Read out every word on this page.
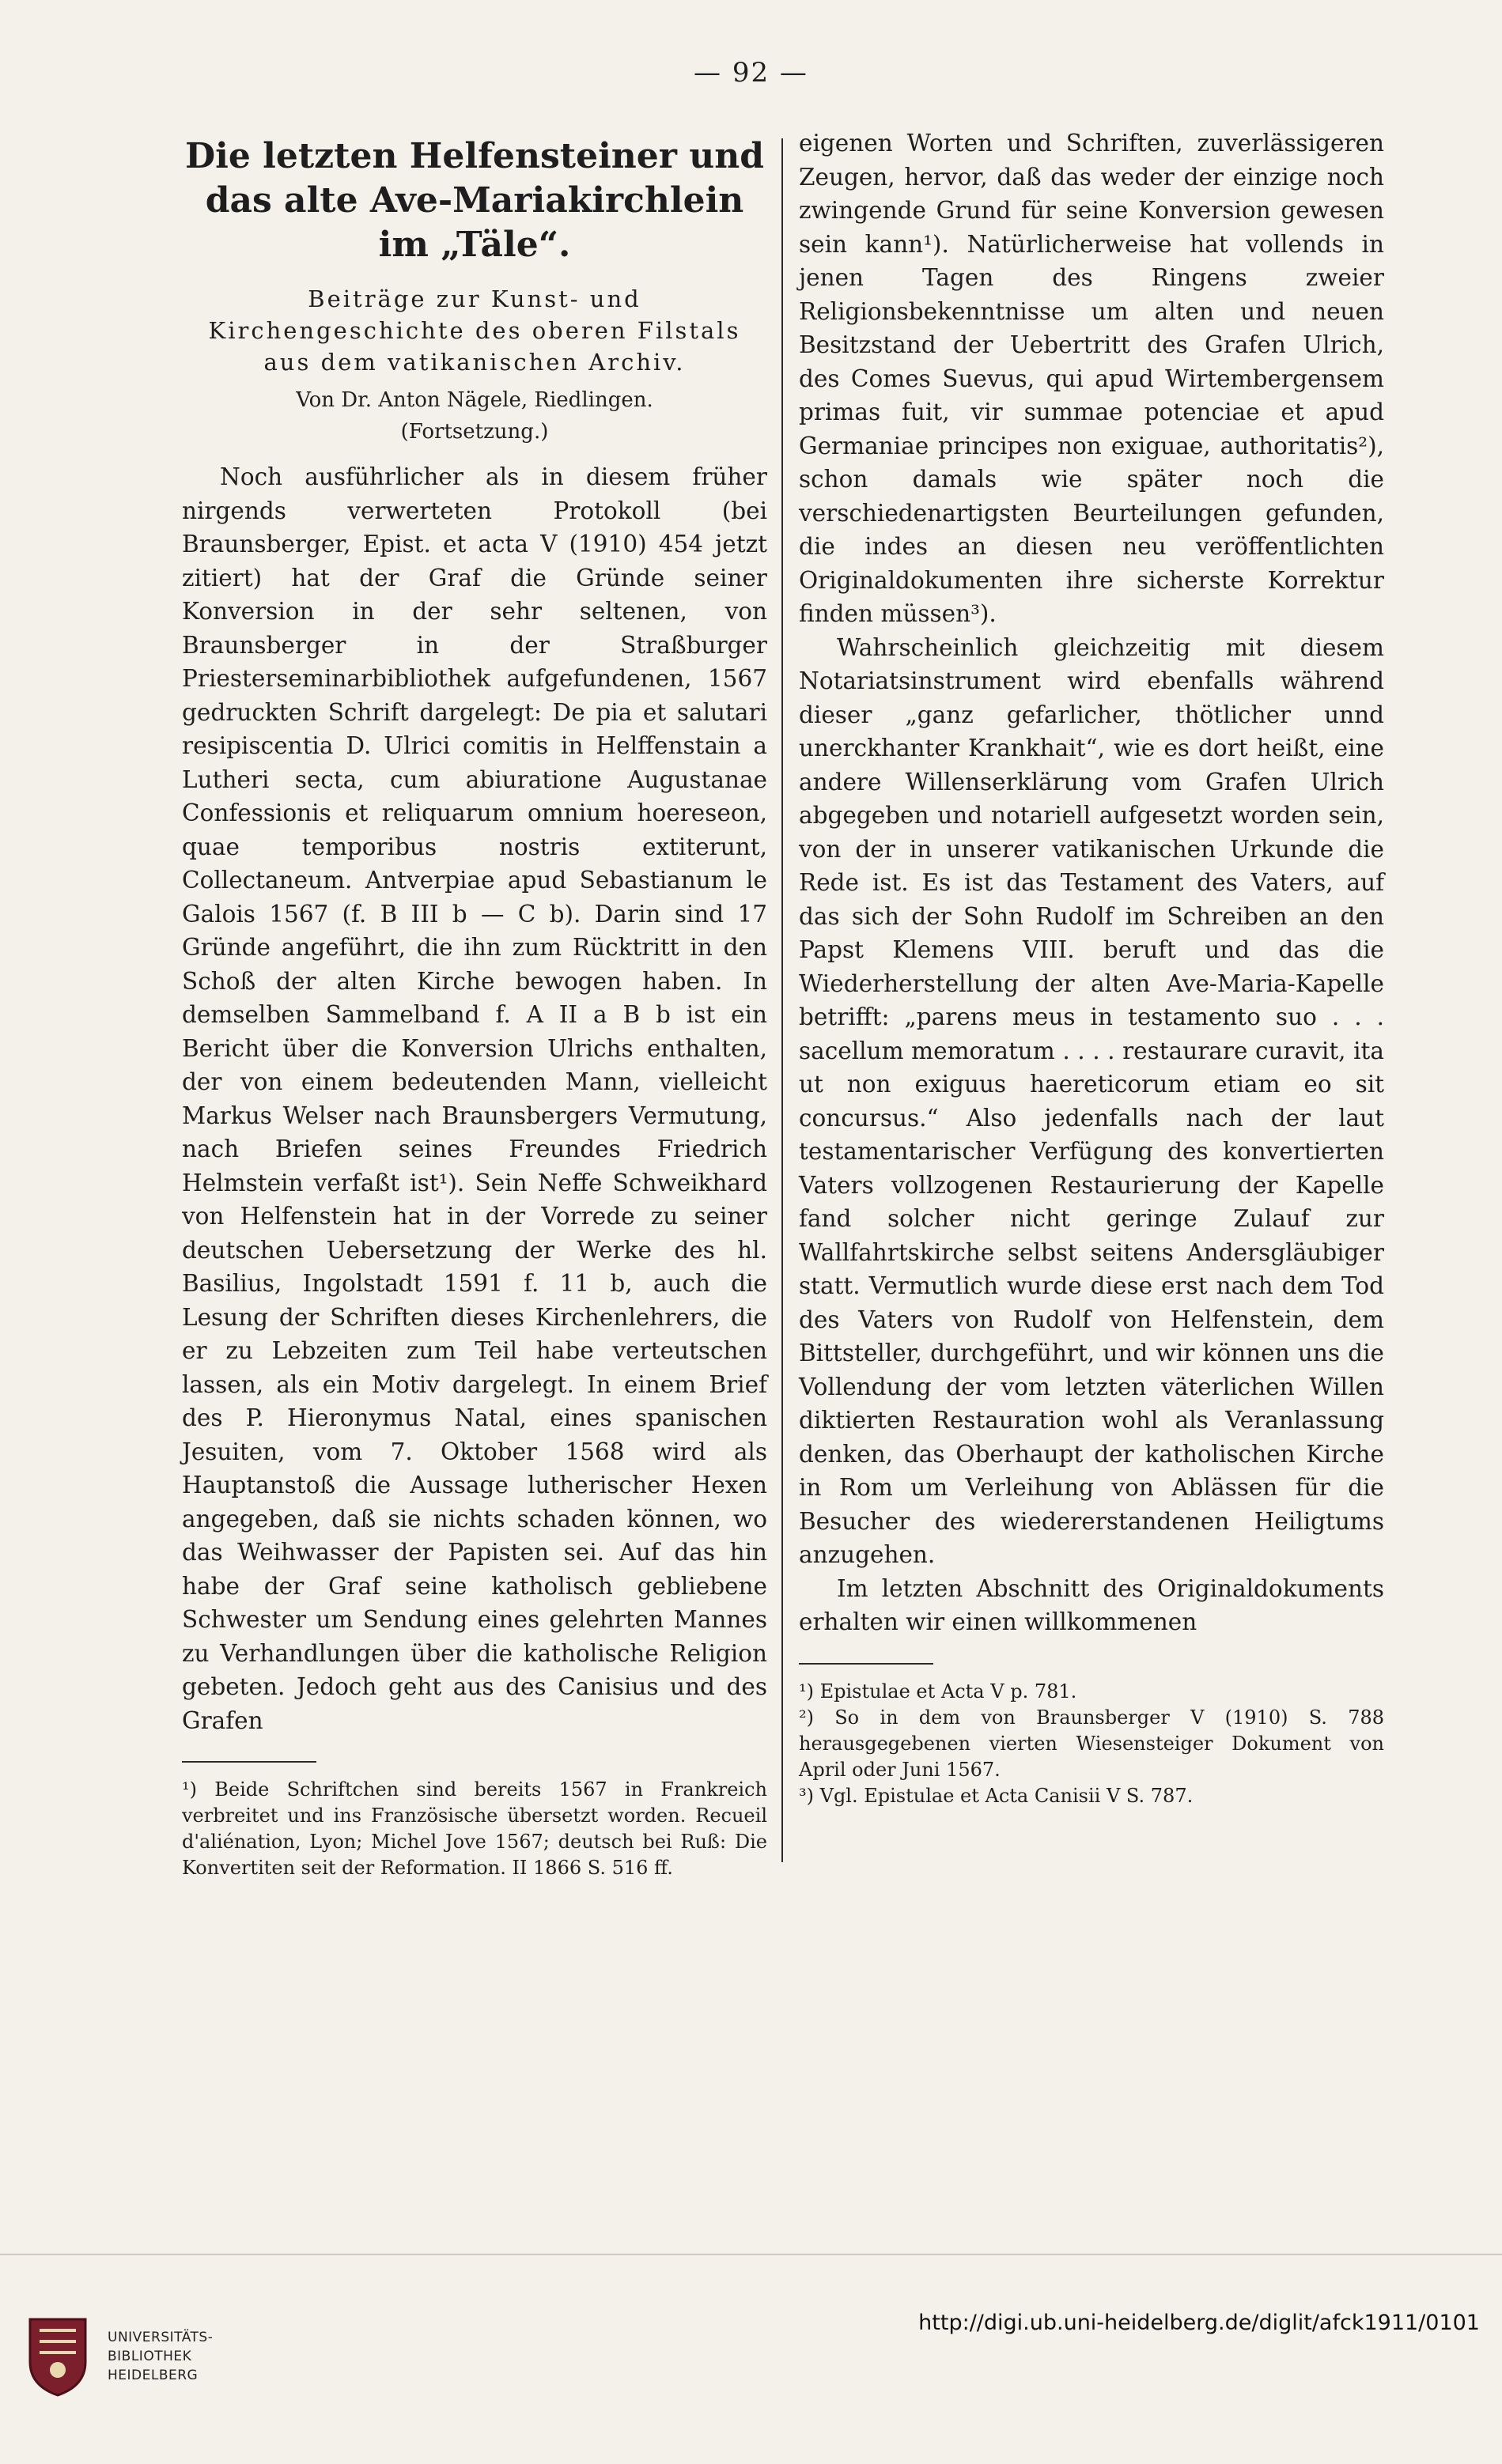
— 92 —
Die letzten Helfensteiner und das alte Ave-Mariakirchlein im „Täle“.
Beiträge zur Kunst- und Kirchengeschichte des oberen Filstals aus dem vatikanischen Archiv.
Von Dr. Anton Nägele, Riedlingen.
(Fortsetzung.)

Noch ausführlicher als in diesem früher nirgends verwerteten Protokoll (bei Braunsberger, Epist. et acta V (1910) 454 jetzt zitiert) hat der Graf die Gründe seiner Konversion in der sehr seltenen, von Braunsberger in der Straßburger Priesterseminarbibliothek aufgefundenen, 1567 gedruckten Schrift dargelegt: De pia et salutari resipiscentia D. Ulrici comitis in Helffenstain a Lutheri secta, cum abiuratione Augustanae Confessionis et reliquarum omnium hoereseon, quae temporibus nostris extiterunt, Collectaneum. Antverpiae apud Sebastianum le Galois 1567 (f. B III b — C b). Darin sind 17 Gründe angeführt, die ihn zum Rücktritt in den Schoß der alten Kirche bewogen haben. In demselben Sammelband f. A II a B b ist ein Bericht über die Konversion Ulrichs enthalten, der von einem bedeutenden Mann, vielleicht Markus Welser nach Braunsbergers Vermutung, nach Briefen seines Freundes Friedrich Helmstein verfaßt ist¹). Sein Neffe Schweikhard von Helfenstein hat in der Vorrede zu seiner deutschen Uebersetzung der Werke des hl. Basilius, Ingolstadt 1591 f. 11 b, auch die Lesung der Schriften dieses Kirchenlehrers, die er zu Lebzeiten zum Teil habe verteutschen lassen, als ein Motiv dargelegt. In einem Brief des P. Hieronymus Natal, eines spanischen Jesuiten, vom 7. Oktober 1568 wird als Hauptanstoß die Aussage lutherischer Hexen angegeben, daß sie nichts schaden können, wo das Weihwasser der Papisten sei. Auf das hin habe der Graf seine katholisch gebliebene Schwester um Sendung eines gelehrten Mannes zu Verhandlungen über die katholische Religion gebeten. Jedoch geht aus des Canisius und des Grafen

¹) Beide Schriftchen sind bereits 1567 in Frankreich verbreitet und ins Französische übersetzt worden. Recueil d'aliénation, Lyon; Michel Jove 1567; deutsch bei Ruß: Die Konvertiten seit der Reformation. II 1866 S. 516 ff.

eigenen Worten und Schriften, zuverlässigeren Zeugen, hervor, daß das weder der einzige noch zwingende Grund für seine Konversion gewesen sein kann¹). Natürlicherweise hat vollends in jenen Tagen des Ringens zweier Religionsbekenntnisse um alten und neuen Besitzstand der Uebertritt des Grafen Ulrich, des Comes Suevus, qui apud Wirtembergensem primas fuit, vir summae potenciae et apud Germaniae principes non exiguae, authoritatis²), schon damals wie später noch die verschiedenartigsten Beurteilungen gefunden, die indes an diesen neu veröffentlichten Originaldokumenten ihre sicherste Korrektur finden müssen³).

Wahrscheinlich gleichzeitig mit diesem Notariatsinstrument wird ebenfalls während dieser „ganz gefarlicher, thötlicher unnd unerckhanter Krankhait“, wie es dort heißt, eine andere Willenserklärung vom Grafen Ulrich abgegeben und notariell aufgesetzt worden sein, von der in unserer vatikanischen Urkunde die Rede ist. Es ist das Testament des Vaters, auf das sich der Sohn Rudolf im Schreiben an den Papst Klemens VIII. beruft und das die Wiederherstellung der alten Ave-Maria-Kapelle betrifft: „parens meus in testamento suo . . . sacellum memoratum . . . . restaurare curavit, ita ut non exiguus haereticorum etiam eo sit concursus.“ Also jedenfalls nach der laut testamentarischer Verfügung des konvertierten Vaters vollzogenen Restaurierung der Kapelle fand solcher nicht geringe Zulauf zur Wallfahrtskirche selbst seitens Andersgläubiger statt. Vermutlich wurde diese erst nach dem Tod des Vaters von Rudolf von Helfenstein, dem Bittsteller, durchgeführt, und wir können uns die Vollendung der vom letzten väterlichen Willen diktierten Restauration wohl als Veranlassung denken, das Oberhaupt der katholischen Kirche in Rom um Verleihung von Ablässen für die Besucher des wiedererstandenen Heiligtums anzugehen.

Im letzten Abschnitt des Originaldokuments erhalten wir einen willkommenen

¹) Epistulae et Acta V p. 781.

²) So in dem von Braunsberger V (1910) S. 788 herausgegebenen vierten Wiesensteiger Dokument von April oder Juni 1567.

³) Vgl. Epistulae et Acta Canisii V S. 787.

UNIVERSITÄTS-
BIBLIOTHEK
HEIDELBERG
http://digi.ub.uni-heidelberg.de/diglit/afck1911/0101
